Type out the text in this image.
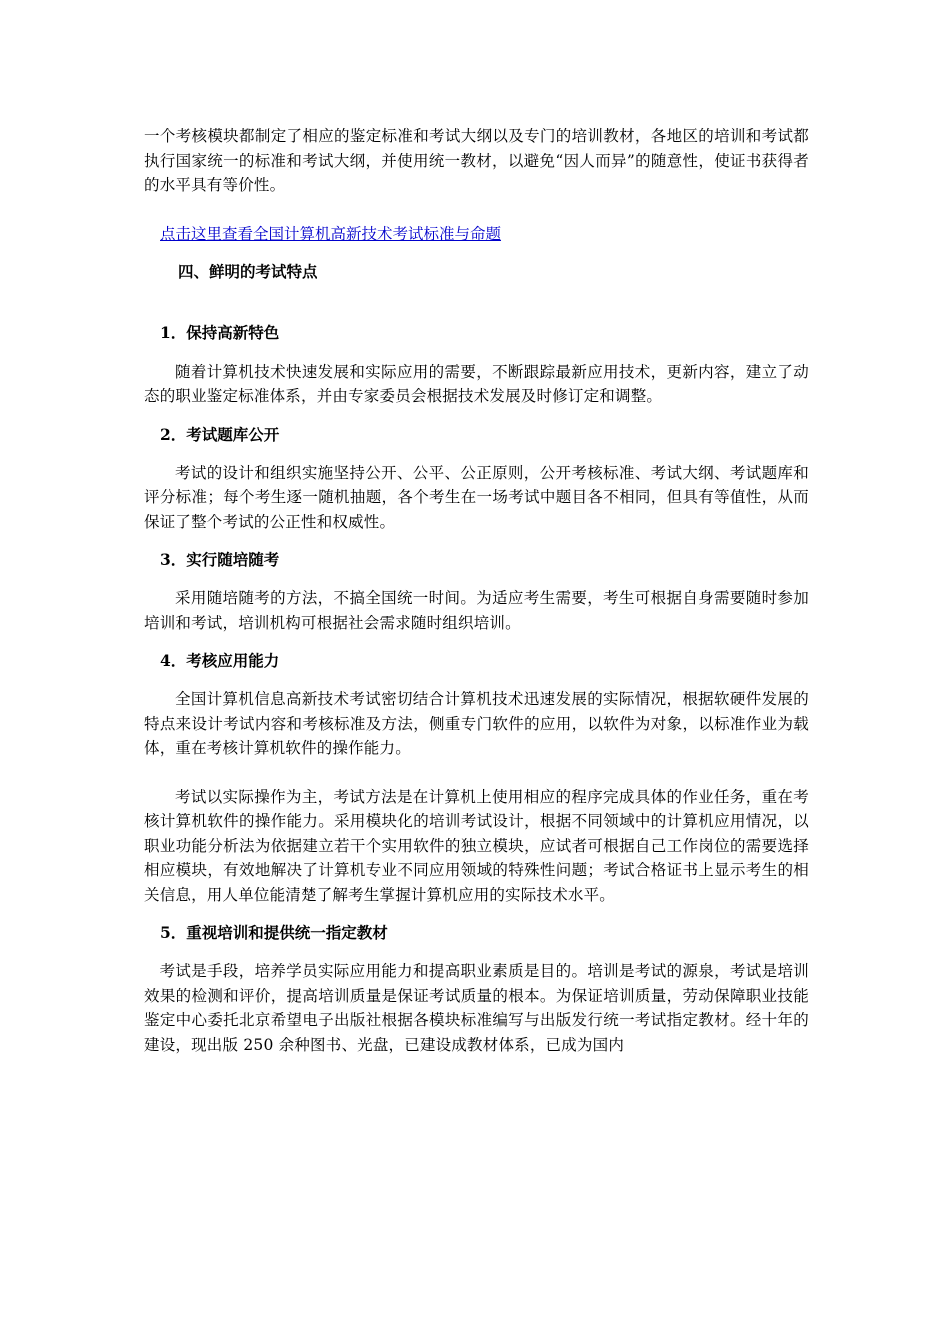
一个考核模块都制定了相应的鉴定标准和考试大纲以及专门的培训教材，各地区的培训和考试都执行国家统一的标准和考试大纲，并使用统一教材，以避免“因人而异”的随意性，使证书获得者的水平具有等价性。

点击这里查看全国计算机高新技术考试标准与命题

四、鲜明的考试特点

1．保持高新特色

随着计算机技术快速发展和实际应用的需要，不断跟踪最新应用技术，更新内容，建立了动态的职业鉴定标准体系，并由专家委员会根据技术发展及时修订定和调整。

2．考试题库公开

考试的设计和组织实施坚持公开、公平、公正原则，公开考核标准、考试大纲、考试题库和评分标准；每个考生逐一随机抽题，各个考生在一场考试中题目各不相同，但具有等值性，从而保证了整个考试的公正性和权威性。

3．实行随培随考

采用随培随考的方法，不搞全国统一时间。为适应考生需要，考生可根据自身需要随时参加培训和考试，培训机构可根据社会需求随时组织培训。

4．考核应用能力

全国计算机信息高新技术考试密切结合计算机技术迅速发展的实际情况，根据软硬件发展的特点来设计考试内容和考核标准及方法，侧重专门软件的应用，以软件为对象，以标准作业为载体，重在考核计算机软件的操作能力。

考试以实际操作为主，考试方法是在计算机上使用相应的程序完成具体的作业任务，重在考核计算机软件的操作能力。采用模块化的培训考试设计，根据不同领域中的计算机应用情况，以职业功能分析法为依据建立若干个实用软件的独立模块，应试者可根据自己工作岗位的需要选择相应模块，有效地解决了计算机专业不同应用领域的特殊性问题；考试合格证书上显示考生的相关信息，用人单位能清楚了解考生掌握计算机应用的实际技术水平。

5．重视培训和提供统一指定教材

考试是手段，培养学员实际应用能力和提高职业素质是目的。培训是考试的源泉，考试是培训效果的检测和评价，提高培训质量是保证考试质量的根本。为保证培训质量，劳动保障职业技能鉴定中心委托北京希望电子出版社根据各模块标准编写与出版发行统一考试指定教材。经十年的建设，现出版 250 余种图书、光盘，已建设成教材体系，已成为国内
